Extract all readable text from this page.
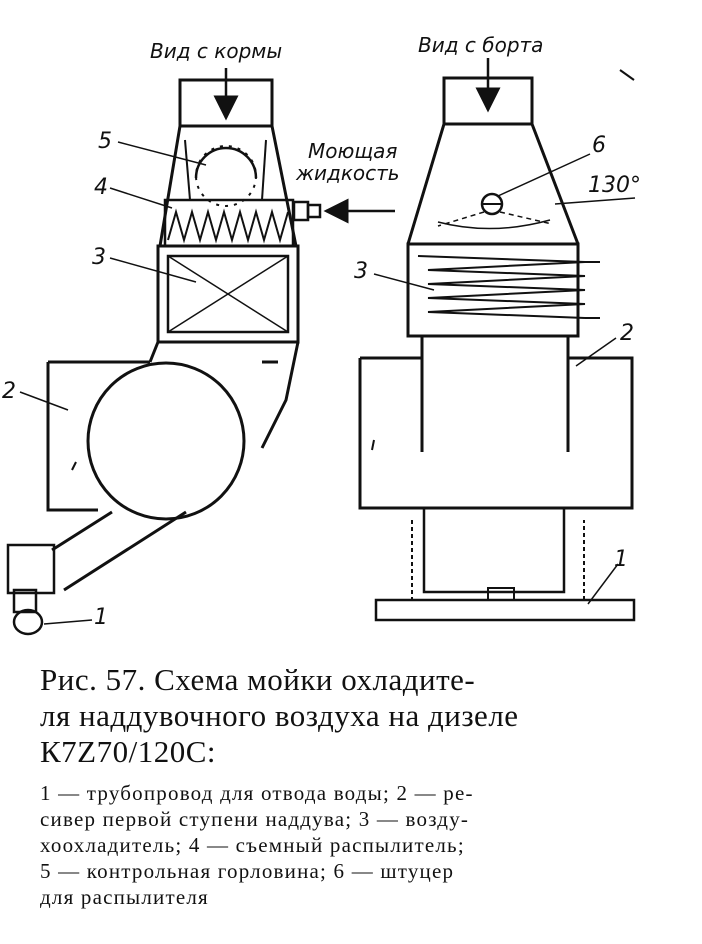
Вид с кормы
Моющая
жидкость
5
4
3
2
1
Вид с борта
130°
6
3
2
1
Рис. 57. Схема мойки охладите-
ля наддувочного воздуха на дизеле
К7Z70/120С:
1 — трубопровод для отвода воды; 2 — ре-
сивер первой ступени наддува; 3 — возду-
хоохладитель; 4 — съемный распылитель;
5 — контрольная горловина; 6 — штуцер
для распылителя
